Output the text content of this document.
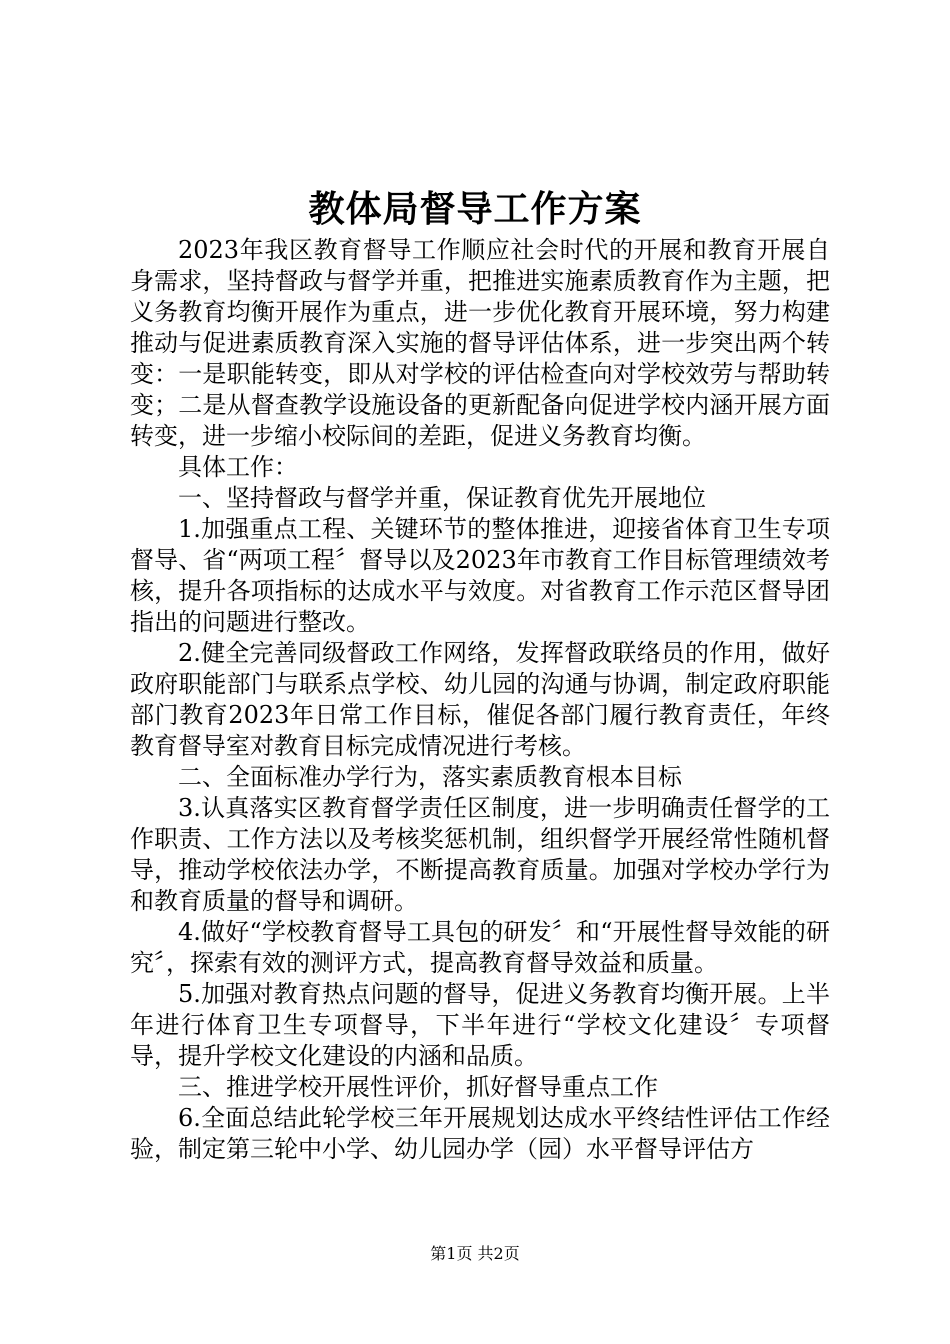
教体局督导工作方案

2023年我区教育督导工作顺应社会时代的开展和教育开展自身需求，坚持督政与督学并重，把推进实施素质教育作为主题，把义务教育均衡开展作为重点，进一步优化教育开展环境，努力构建推动与促进素质教育深入实施的督导评估体系，进一步突出两个转变：一是职能转变，即从对学校的评估检查向对学校效劳与帮助转变；二是从督查教学设施设备的更新配备向促进学校内涵开展方面转变，进一步缩小校际间的差距，促进义务教育均衡。

具体工作：

一、坚持督政与督学并重，保证教育优先开展地位

1.加强重点工程、关键环节的整体推进，迎接省体育卫生专项督导、省“两项工程〞督导以及2023年市教育工作目标管理绩效考核，提升各项指标的达成水平与效度。对省教育工作示范区督导团指出的问题进行整改。

2.健全完善同级督政工作网络，发挥督政联络员的作用，做好政府职能部门与联系点学校、幼儿园的沟通与协调，制定政府职能部门教育2023年日常工作目标，催促各部门履行教育责任，年终教育督导室对教育目标完成情况进行考核。

二、全面标准办学行为，落实素质教育根本目标

3.认真落实区教育督学责任区制度，进一步明确责任督学的工作职责、工作方法以及考核奖惩机制，组织督学开展经常性随机督导，推动学校依法办学，不断提高教育质量。加强对学校办学行为和教育质量的督导和调研。

4.做好“学校教育督导工具包的研发〞和“开展性督导效能的研究〞，探索有效的测评方式，提高教育督导效益和质量。

5.加强对教育热点问题的督导，促进义务教育均衡开展。上半年进行体育卫生专项督导，下半年进行“学校文化建设〞专项督导，提升学校文化建设的内涵和品质。

三、推进学校开展性评价，抓好督导重点工作

6.全面总结此轮学校三年开展规划达成水平终结性评估工作经验，制定第三轮中小学、幼儿园办学（园）水平督导评估方

第1页 共2页
